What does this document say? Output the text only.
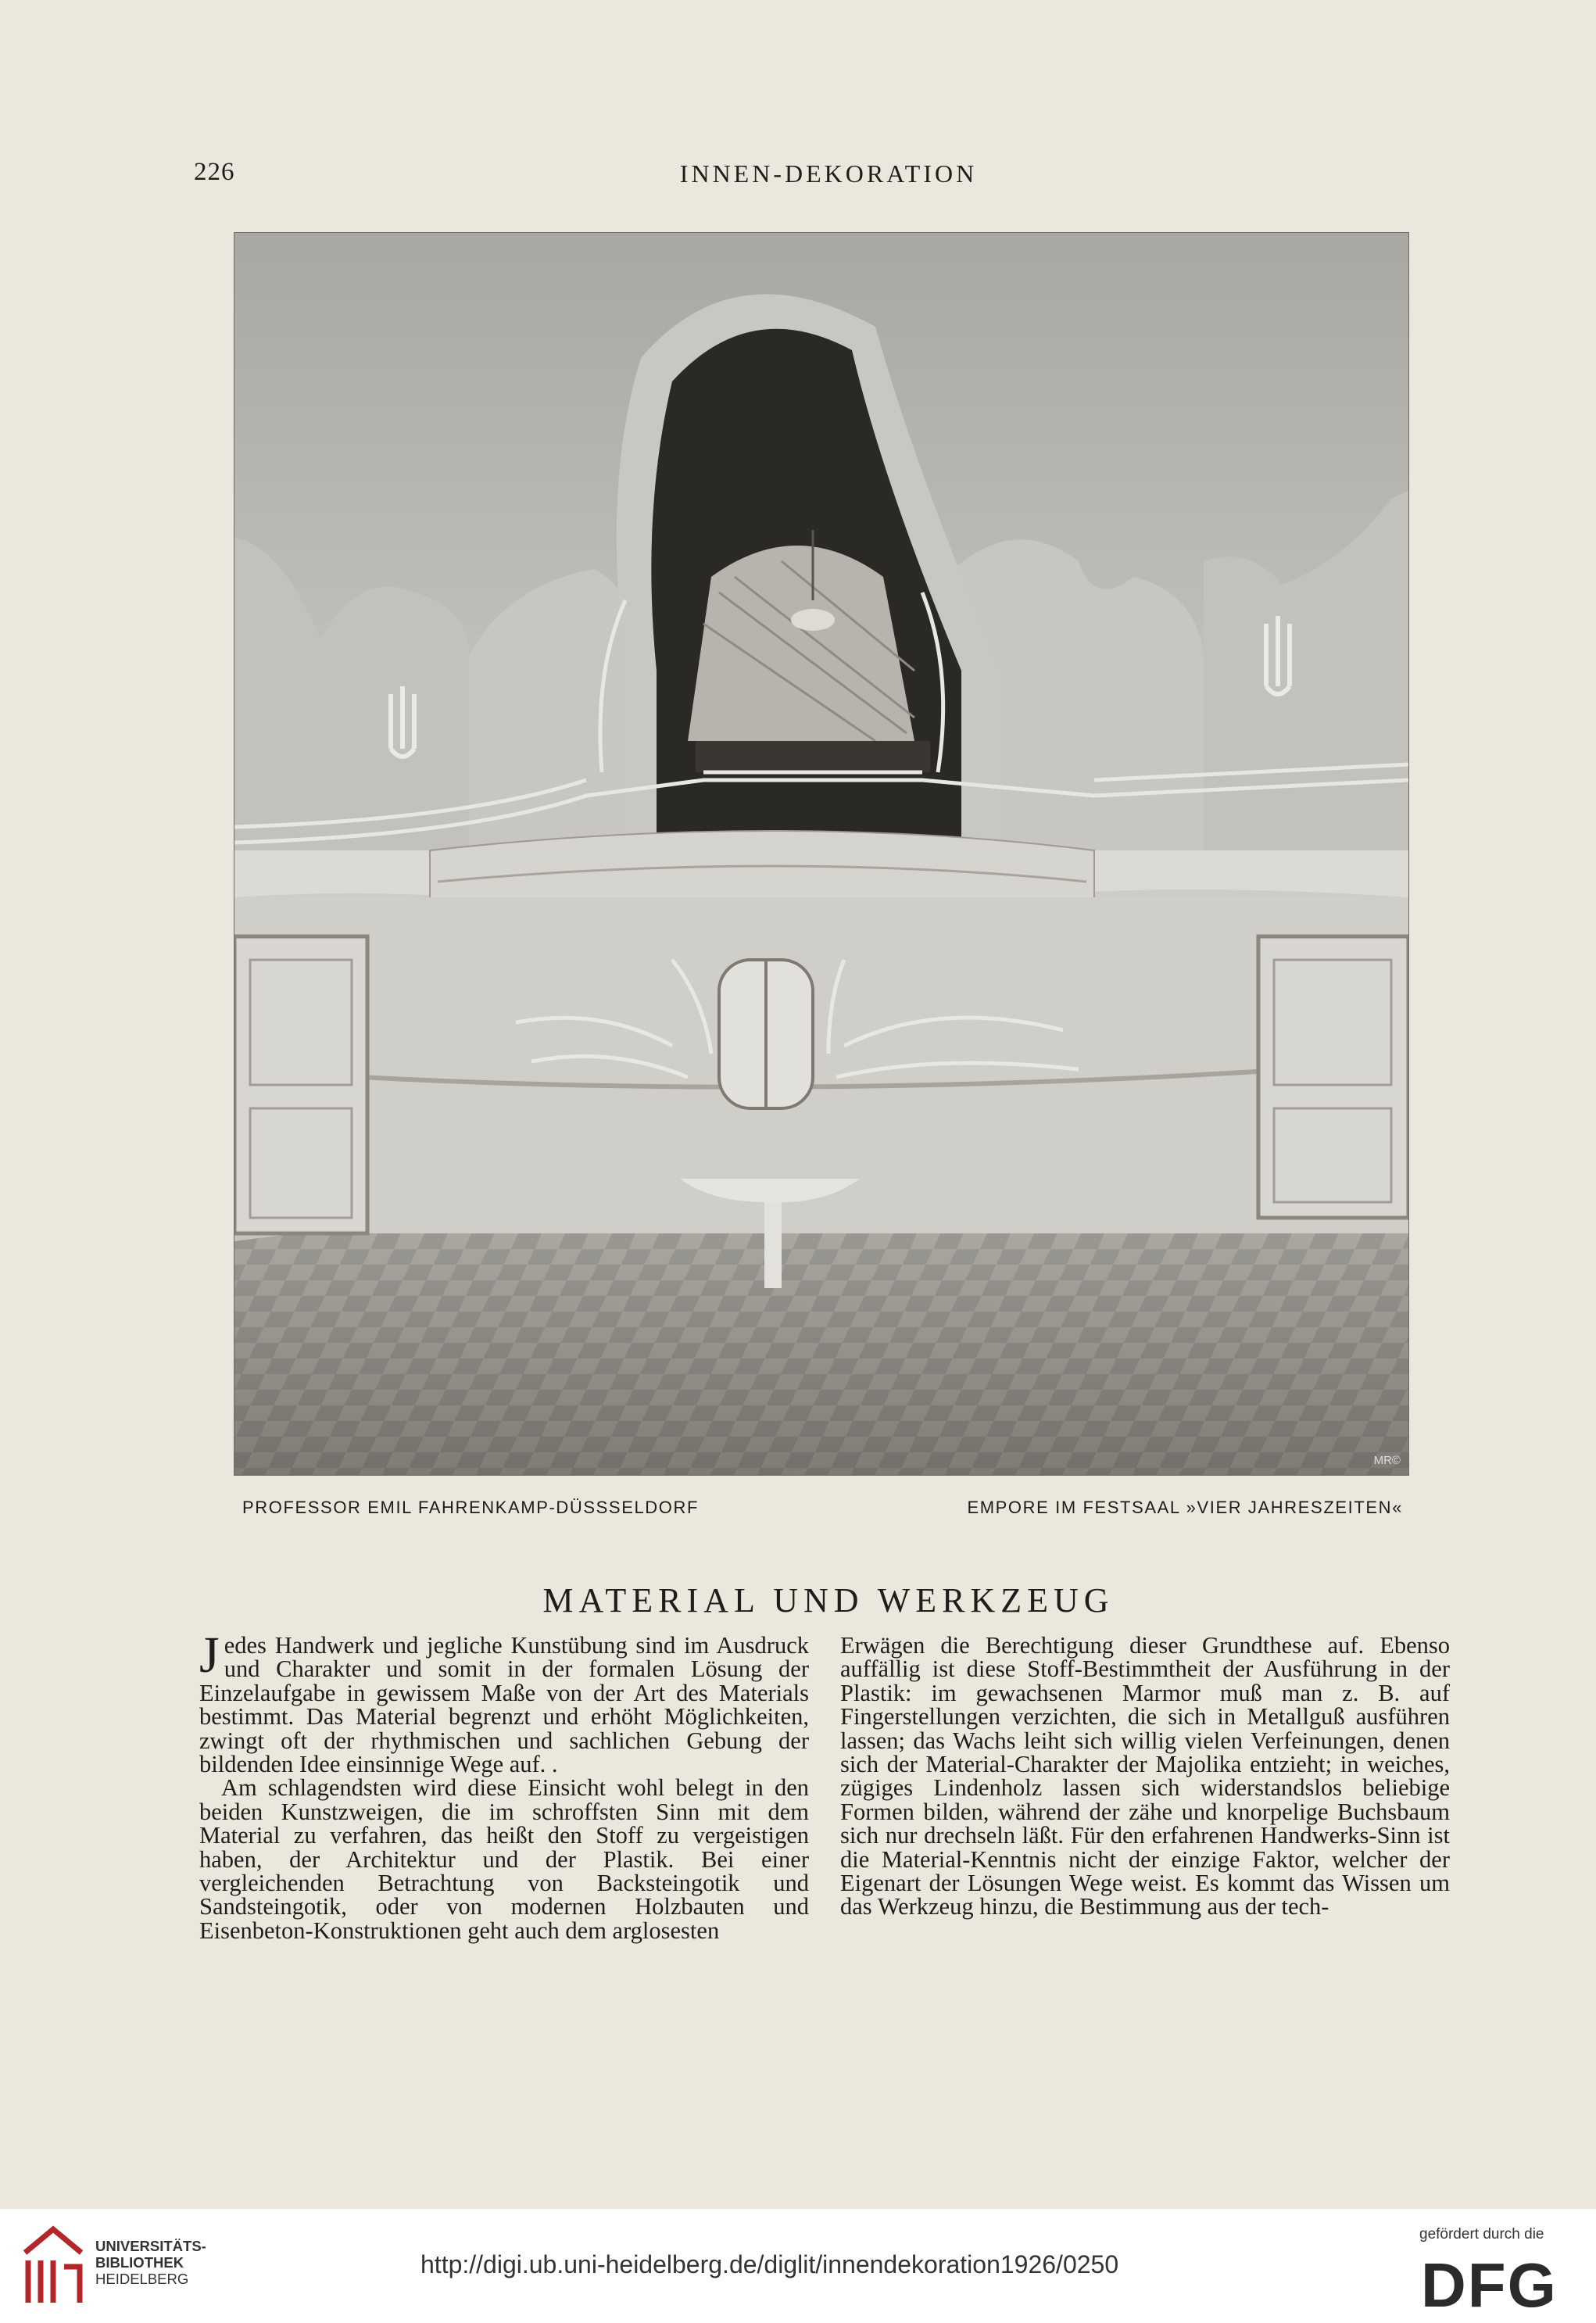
226	INNEN-DEKORATION
MR©
PROFESSOR EMIL FAHRENKAMP-DÜSSSELDORF	EMPORE IM FESTSAAL »VIER JAHRESZEITEN«
MATERIAL UND WERKZEUG

Jedes Handwerk und jegliche Kunstübung sind im Ausdruck und Charakter und somit in der formalen Lösung der Einzelaufgabe in gewissem Maße von der Art des Materials bestimmt. Das Material begrenzt und erhöht Möglichkeiten, zwingt oft der rhythmischen und sachlichen Gebung der bildenden Idee einsinnige Wege auf. .

Am schlagendsten wird diese Einsicht wohl belegt in den beiden Kunstzweigen, die im schroffsten Sinn mit dem Material zu verfahren, das heißt den Stoff zu vergeistigen haben, der Architektur und der Plastik. Bei einer vergleichenden Betrachtung von Backsteingotik und Sandsteingotik, oder von modernen Holzbauten und Eisenbeton-Konstruktionen geht auch dem arglosesten

Erwägen die Berechtigung dieser Grundthese auf. Ebenso auffällig ist diese Stoff-Bestimmtheit der Ausführung in der Plastik: im gewachsenen Marmor muß man z. B. auf Fingerstellungen verzichten, die sich in Metallguß ausführen lassen; das Wachs leiht sich willig vielen Verfeinungen, denen sich der Material-Charakter der Majolika entzieht; in weiches, zügiges Lindenholz lassen sich widerstandslos beliebige Formen bilden, während der zähe und knorpelige Buchsbaum sich nur drechseln läßt. Für den erfahrenen Handwerks-Sinn ist die Material-Kenntnis nicht der einzige Faktor, welcher der Eigenart der Lösungen Wege weist. Es kommt das Wissen um das Werkzeug hinzu, die Bestimmung aus der tech-

UNIVERSITÄTS-
BIBLIOTHEK
HEIDELBERG
http://digi.ub.uni-heidelberg.de/diglit/innendekoration1926/0250
gefördert durch die
DFG
